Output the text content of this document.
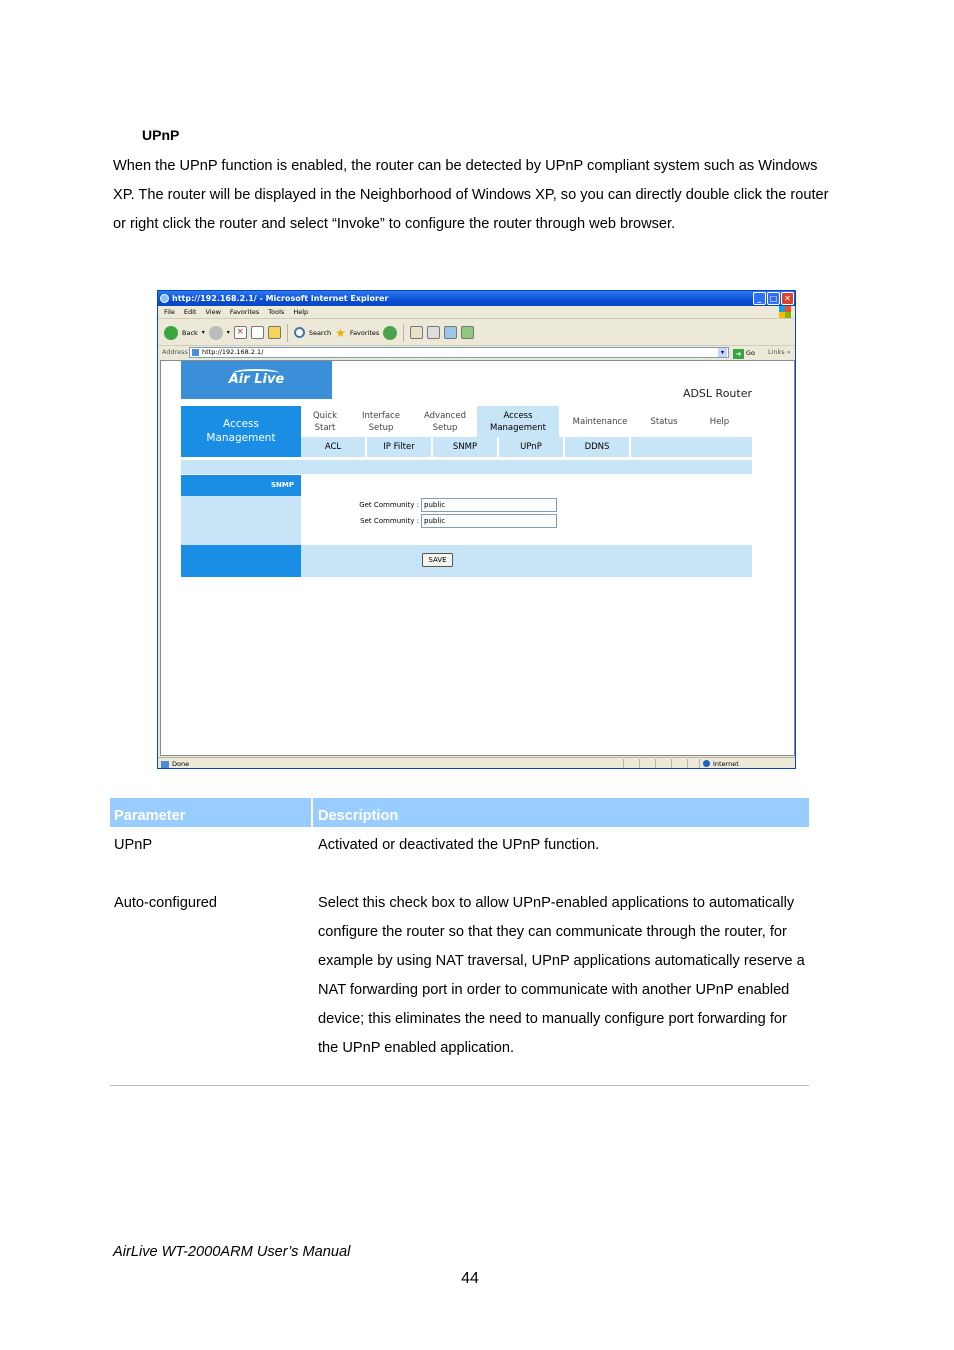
UPnP

When the UPnP function is enabled, the router can be detected by UPnP compliant system such as Windows XP. The router will be displayed in the Neighborhood of Windows XP, so you can directly double click the router or right click the router and select “Invoke” to configure the router through web browser.

http://192.168.2.1/ - Microsoft Internet Explorer	_	□ ✕
File Edit View Favorites Tools Help
Back ▾	▾ ×	Search ★ Favorites
Address	http://192.168.2.1/	▾	➜ Go Links »
Air Live
ADSL Router
Access
Management
Quick
Start
Interface
Setup
Advanced
Setup
Access
Management
Maintenance	Status	Help
ACL	IP Filter	SNMP	UPnP	DDNS
SNMP
Get Community : public
Set Community : public
SAVE
Done	Internet
Parameter	Description
UPnP	Activated or deactivated the UPnP function.
Auto-configured	Select this check box to allow UPnP-enabled applications to automatically configure the router so that they can communicate through the router, for example by using NAT traversal, UPnP applications automatically reserve a NAT forwarding port in order to communicate with another UPnP enabled device; this eliminates the need to manually configure port forwarding for the UPnP enabled application.
AirLive WT-2000ARM User’s Manual
44
